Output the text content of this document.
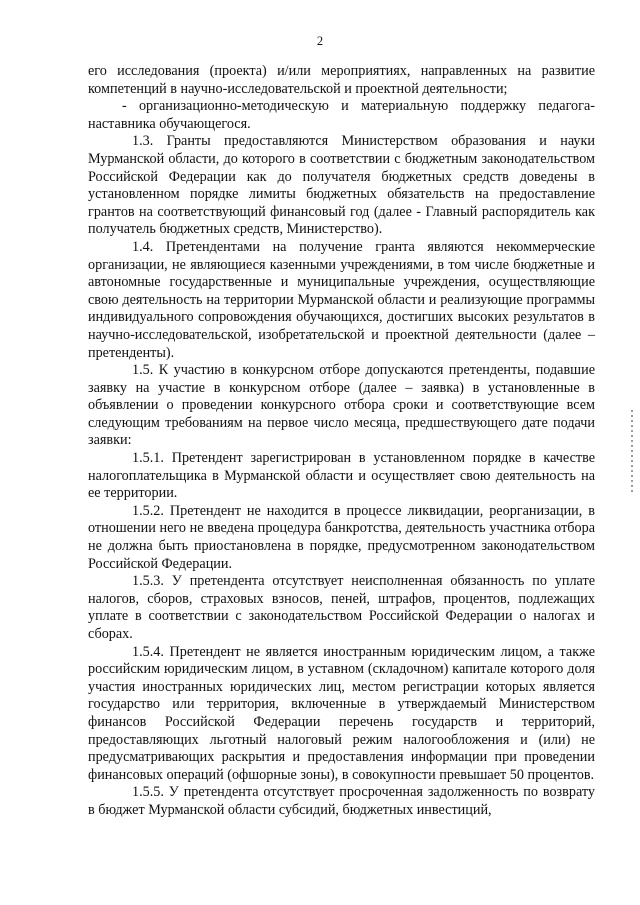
2

его исследования (проекта) и/или мероприятиях, направленных на развитие компетенций в научно-исследовательской и проектной деятельности;

- организационно-методическую и материальную поддержку педагога-наставника обучающегося.

1.3. Гранты предоставляются Министерством образования и науки Мурманской области, до которого в соответствии с бюджетным законодательством Российской Федерации как до получателя бюджетных средств доведены в установленном порядке лимиты бюджетных обязательств на предоставление грантов на соответствующий финансовый год (далее - Главный распорядитель как получатель бюджетных средств, Министерство).

1.4. Претендентами на получение гранта являются некоммерческие организации, не являющиеся казенными учреждениями, в том числе бюджетные и автономные государственные и муниципальные учреждения, осуществляющие свою деятельность на территории Мурманской области и реализующие программы индивидуального сопровождения обучающихся, достигших высоких результатов в научно-исследовательской, изобретательской и проектной деятельности (далее – претенденты).

1.5. К участию в конкурсном отборе допускаются претенденты, подавшие заявку на участие в конкурсном отборе (далее – заявка) в установленные в объявлении о проведении конкурсного отбора сроки и соответствующие всем следующим требованиям на первое число месяца, предшествующего дате подачи заявки:

1.5.1. Претендент зарегистрирован в установленном порядке в качестве налогоплательщика в Мурманской области и осуществляет свою деятельность на ее территории.

1.5.2. Претендент не находится в процессе ликвидации, реорганизации, в отношении него не введена процедура банкротства, деятельность участника отбора не должна быть приостановлена в порядке, предусмотренном законодательством Российской Федерации.

1.5.3. У претендента отсутствует неисполненная обязанность по уплате налогов, сборов, страховых взносов, пеней, штрафов, процентов, подлежащих уплате в соответствии с законодательством Российской Федерации о налогах и сборах.

1.5.4. Претендент не является иностранным юридическим лицом, а также российским юридическим лицом, в уставном (складочном) капитале которого доля участия иностранных юридических лиц, местом регистрации которых является государство или территория, включенные в утверждаемый Министерством финансов Российской Федерации перечень государств и территорий, предоставляющих льготный налоговый режим налогообложения и (или) не предусматривающих раскрытия и предоставления информации при проведении финансовых операций (офшорные зоны), в совокупности превышает 50 процентов.

1.5.5. У претендента отсутствует просроченная задолженность по возврату в бюджет Мурманской области субсидий, бюджетных инвестиций,
